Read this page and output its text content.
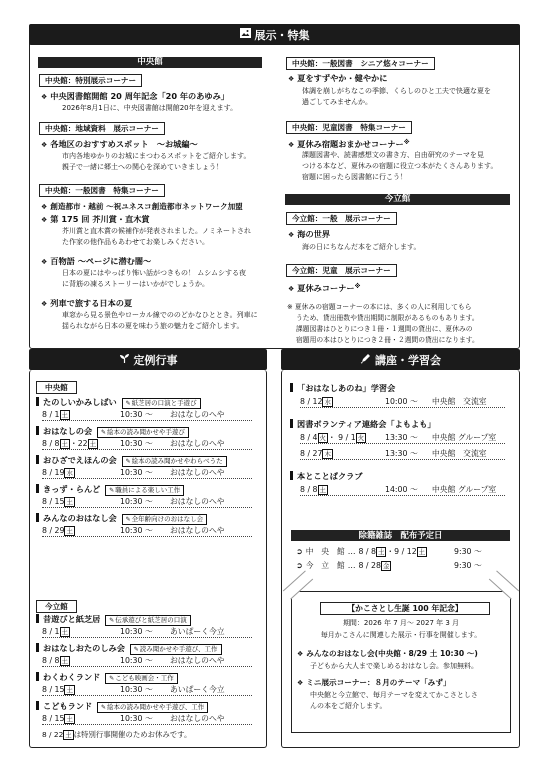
展示・特集
中央館
中央館：特別展示コーナー
❖ 中央図書館開館 20 周年記念「20 年のあゆみ」
2026年8月1日に、中央図書館は開館20年を迎えます。
中央館：地域資料　展示コーナー
❖ 各地区のおすすめスポット　～お城編～
市内各地ゆかりのお城にまつわるスポットをご紹介します。
親子で一緒に郷土への関心を深めていきましょう！
中央館：一般図書　特集コーナー
❖ 創造都市・越前 ～祝ユネスコ創造都市ネットワーク加盟
❖ 第 175 回 芥川賞・直木賞
芥川賞と直木賞の候補作が発表されました。ノミネートされ
た作家の他作品もあわせてお楽しみください。
❖ 百物語 ～ページに潜む闇～
日本の夏にはやっぱり怖い話がつきもの！ ムシムシする夜
に背筋の凍るストーリーはいかがでしょうか。
❖ 列車で旅する日本の夏
車窓から見る景色やローカル線でののどかなひととき。列車に
揺られながら日本の夏を味わう旅の魅力をご紹介します。
中央館：一般図書　シニア悠々コーナー
❖ 夏をすずやか・健やかに
体調を崩しがちなこの季節、くらしのひと工夫で快適な夏を
過ごしてみませんか。
中央館：児童図書　特集コーナー
❖ 夏休み宿題おまかせコーナー※
課題図書や、読書感想文の書き方、自由研究のテーマを見
つける本など、夏休みの宿題に役立つ本がたくさんあります。
宿題に困ったら図書館に行こう！
今立館
今立館：一般　展示コーナー
❖ 海の世界
海の日にちなんだ本をご紹介します。
今立館：児童　展示コーナー
❖ 夏休みコーナー※
※ 夏休みの宿題コーナーの本には、多くの人に利用してもら
うため、貸出冊数や貸出期間に制限があるものもあります。
課題図書はひとりにつき１冊・１週間の貸出に、夏休みの
宿題用の本はひとりにつき２冊・２週間の貸出になります。
定例行事
中央館
たのしいかみしばい ✎紙芝居の口演と手遊び
8 / 1 土	10:30 ～ おはなしのへや
おはなしの会 ✎絵本の読み聞かせや手遊び
8 / 8 土 ・22 土	10:30 ～ おはなしのへや
おひざでえほんの会 ✎絵本の読み聞かせやわらべうた
8 / 19 水	10:30 ～ おはなしのへや
きっず・らんど ✎職員による楽しい工作
8 / 15 土	10:30 ～ おはなしのへや
みんなのおはなし会 ✎全年齢向けのおはなし会
8 / 29 土	10:30 ～ おはなしのへや
今立館
昔遊びと紙芝居 ✎伝承遊びと紙芝居の口演
8 / 1 土	10:30 ～ あいぱーく今立
おはなしおたのしみ会 ✎読み聞かせや手遊び、工作
8 / 8 土	10:30 ～ おはなしのへや
わくわくランド ✎こども映画会・工作
8 / 15 土	10:30 ～ あいぱーく今立
こどもランド ✎絵本の読み聞かせや手遊び、工作
8 / 15 土	10:30 ～ おはなしのへや
8 / 22 土 は特別行事開催のためお休みです。
講座・学習会
「おはなしあのね」学習会
8 / 12 水	10:00 ～ 中央館　交流室
図書ボランティア連絡会「よもよも」
8 / 4 火 ・ 9 / 1 火	13:30 ～ 中央館 グループ室
8 / 27 木	13:30 ～ 中央館　交流室
本とことばクラブ
8 / 8 土	14:00 ～ 中央館 グループ室
除籍雑誌　配布予定日
➲ 中　央　館 … 8 / 8 土 ・9 / 12 土	9:30 ～
➲ 今　立　館 … 8 / 28 金	9:30 ～
【かこさとし生誕 100 年記念】
期間：2026 年 7 月～ 2027 年 3 月
毎月かこさんに関連した展示・行事を開催します。
❖ みんなのおはなし会(中央館・8/29 土 10:30 ～)
子どもから大人まで楽しめるおはなし会。参加無料。
❖ ミニ展示コーナー：８月のテーマ「みず」
中央館と今立館で、毎月テーマを変えてかこさとしさ
んの本をご紹介します。
